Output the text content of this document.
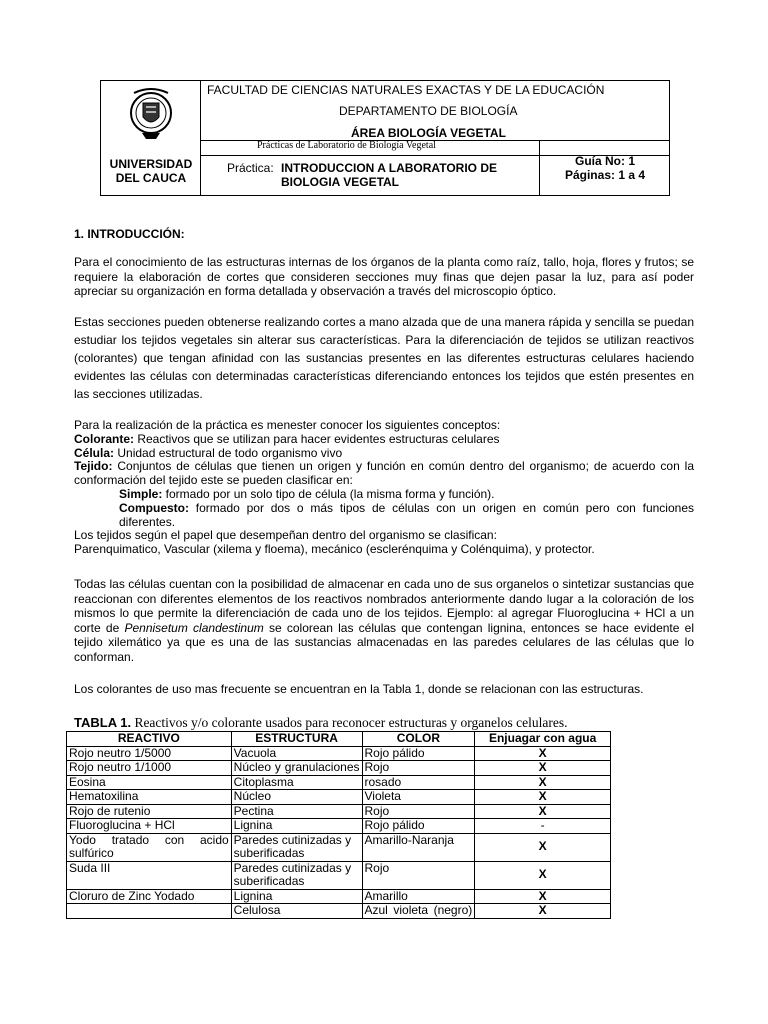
UNIVERSIDAD DEL CAUCA
FACULTAD DE CIENCIAS NATURALES EXACTAS Y DE LA EDUCACIÓN
DEPARTAMENTO DE BIOLOGÍA
ÁREA BIOLOGÍA VEGETAL
Prácticas de Laboratorio de Biología Vegetal
Práctica: INTRODUCCION A LABORATORIO DE BIOLOGIA VEGETAL
Guía No: 1
Páginas: 1 a 4
1. INTRODUCCIÓN:
Para el conocimiento de las estructuras internas de los órganos de la planta como raíz, tallo, hoja, flores y frutos; se requiere la elaboración de cortes que consideren secciones muy finas que dejen pasar la luz, para así poder apreciar su organización en forma detallada y observación a través del microscopio óptico.
Estas secciones pueden obtenerse realizando cortes a mano alzada que de una manera rápida y sencilla se puedan estudiar los tejidos vegetales sin alterar sus características. Para la diferenciación de tejidos se utilizan reactivos (colorantes) que tengan afinidad con las sustancias presentes en las diferentes estructuras celulares haciendo evidentes las células con determinadas características diferenciando entonces los tejidos que estén presentes en las secciones utilizadas.
Para la realización de la práctica es menester conocer los siguientes conceptos:
Colorante: Reactivos que se utilizan para hacer evidentes estructuras celulares
Célula: Unidad estructural de todo organismo vivo
Tejido: Conjuntos de células que tienen un origen y función en común dentro del organismo; de acuerdo con la conformación del tejido este se pueden clasificar en:
Simple: formado por un solo tipo de célula (la misma forma y función).
Compuesto: formado por dos o más tipos de células con un origen en común pero con funciones diferentes.
Los tejidos según el papel que desempeñan dentro del organismo se clasifican:
Parenquimatico, Vascular (xilema y floema), mecánico (esclerénquima y Colénquima), y protector.
Todas las células cuentan con la posibilidad de almacenar en cada uno de sus organelos o sintetizar sustancias que reaccionan con diferentes elementos de los reactivos nombrados anteriormente dando lugar a la coloración de los mismos lo que permite la diferenciación de cada uno de los tejidos. Ejemplo: al agregar Fluoroglucina + HCl a un corte de Pennisetum clandestinum se colorean las células que contengan lignina, entonces se hace evidente el tejido xilemático ya que es una de las sustancias almacenadas en las paredes celulares de las células que lo conforman.
Los colorantes de uso mas frecuente se encuentran en la Tabla 1, donde se relacionan con las estructuras.
TABLA 1. Reactivos y/o colorante usados para reconocer estructuras y organelos celulares.
REACTIVO	ESTRUCTURA	COLOR	Enjuagar con agua
Rojo neutro 1/5000	Vacuola	Rojo pálido	X
Rojo neutro 1/1000	Núcleo y granulaciones	Rojo	X
Eosina	Citoplasma	rosado	X
Hematoxilina	Núcleo	Violeta	X
Rojo de rutenio	Pectina	Rojo	X
Fluoroglucina + HCl	Lignina	Rojo pálido	-
Yodo tratado con acido sulfúrico	Paredes cutinizadas y suberificadas	Amarillo-Naranja	X
Suda III	Paredes cutinizadas y suberificadas	Rojo	X
Cloruro de Zinc Yodado	Lignina	Amarillo	X
	Celulosa	Azul violeta (negro)	X
